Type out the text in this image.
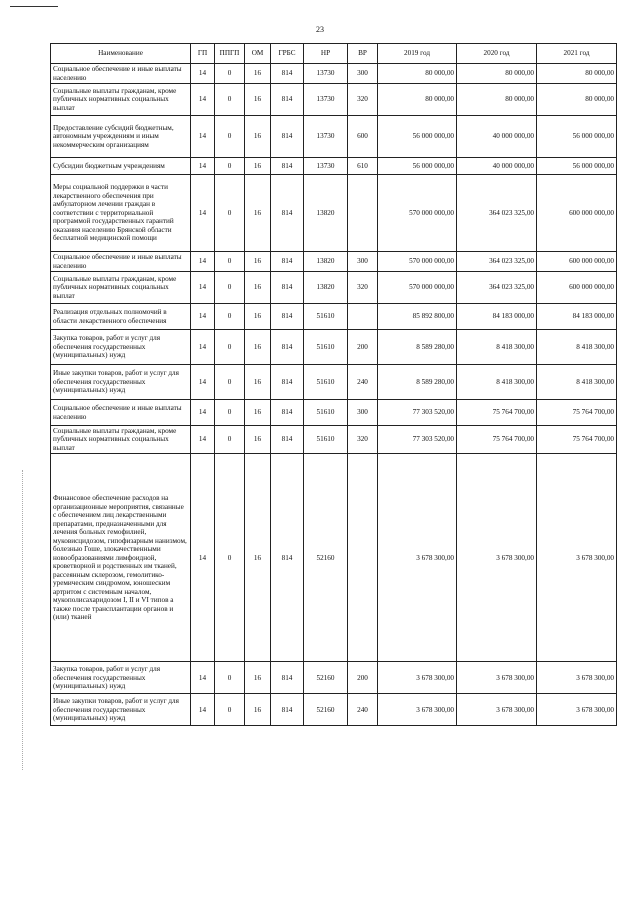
23
Наименование	ГП	ППГП	ОМ	ГРБС	НР	ВР	2019 год	2020 год	2021 год
Социальное обеспечение и иные выплаты населению	14	0	16	814	13730	300	80 000,00	80 000,00	80 000,00
Социальные выплаты гражданам, кроме публичных нормативных социальных выплат	14	0	16	814	13730	320	80 000,00	80 000,00	80 000,00
Предоставление субсидий бюджетным, автономным учреждениям и иным некоммерческим организациям	14	0	16	814	13730	600	56 000 000,00	40 000 000,00	56 000 000,00
Субсидии бюджетным учреждениям	14	0	16	814	13730	610	56 000 000,00	40 000 000,00	56 000 000,00
Меры социальной поддержки в части лекарственного обеспечения при амбулаторном лечении граждан в соответствии с территориальной программой государственных гарантий оказания населению Брянской области бесплатной медицинской помощи	14	0	16	814	13820		570 000 000,00	364 023 325,00	600 000 000,00
Социальное обеспечение и иные выплаты населению	14	0	16	814	13820	300	570 000 000,00	364 023 325,00	600 000 000,00
Социальные выплаты гражданам, кроме публичных нормативных социальных выплат	14	0	16	814	13820	320	570 000 000,00	364 023 325,00	600 000 000,00
Реализация отдельных полномочий в области лекарственного обеспечения	14	0	16	814	51610		85 892 800,00	84 183 000,00	84 183 000,00
Закупка товаров, работ и услуг для обеспечения государственных (муниципальных) нужд	14	0	16	814	51610	200	8 589 280,00	8 418 300,00	8 418 300,00
Иные закупки товаров, работ и услуг для обеспечения государственных (муниципальных) нужд	14	0	16	814	51610	240	8 589 280,00	8 418 300,00	8 418 300,00
Социальное обеспечение и иные выплаты населению	14	0	16	814	51610	300	77 303 520,00	75 764 700,00	75 764 700,00
Социальные выплаты гражданам, кроме публичных нормативных социальных выплат	14	0	16	814	51610	320	77 303 520,00	75 764 700,00	75 764 700,00
Финансовое обеспечение расходов на организационные мероприятия, связанные с обеспечением лиц лекарственными препаратами, предназначенными для лечения больных гемофилией, муковисцидозом, гипофизарным нанизмом, болезнью Гоше, злокачественными новообразованиями лимфоидной, кроветворной и родственных им тканей, рассеянным склерозом, гемолитико-уремическим синдромом, юношеским артритом с системным началом, мукополисахаридозом I, II и VI типов а также после трансплантации органов и (или) тканей	14	0	16	814	52160		3 678 300,00	3 678 300,00	3 678 300,00
Закупка товаров, работ и услуг для обеспечения государственных (муниципальных) нужд	14	0	16	814	52160	200	3 678 300,00	3 678 300,00	3 678 300,00
Иные закупки товаров, работ и услуг для обеспечения государственных (муниципальных) нужд	14	0	16	814	52160	240	3 678 300,00	3 678 300,00	3 678 300,00
